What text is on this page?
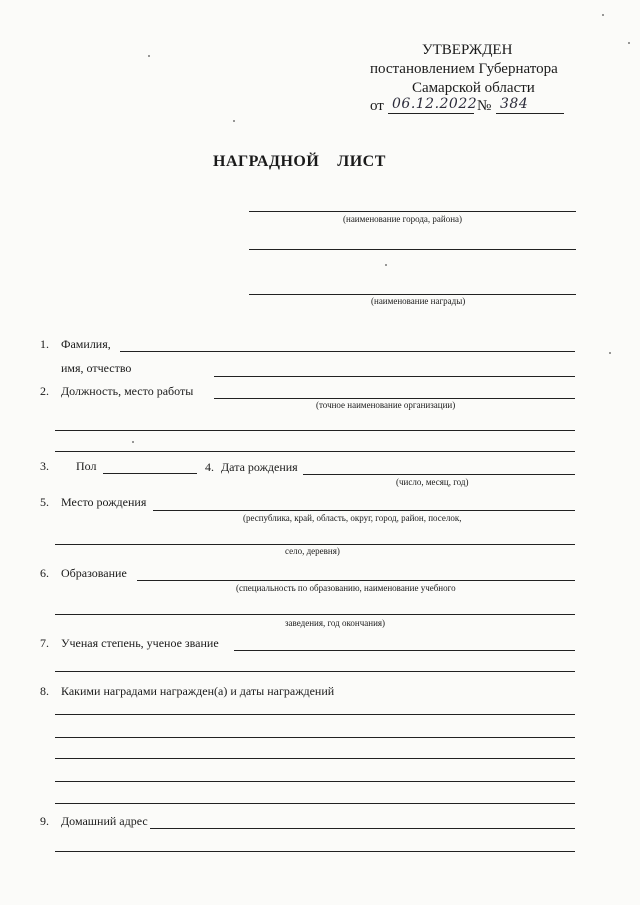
УТВЕРЖДЕН
постановлением Губернатора
Самарской области
от 06.12.2022 № 384
НАГРАДНОЙ    ЛИСТ
(наименование города, района)
(наименование награды)
1. Фамилия,
имя, отчество
2. Должность, место работы
(точное наименование организации)
3. Пол	4. Дата рождения
(число, месяц, год)
5. Место рождения
(республика, край, область, округ, город, район, поселок,
село, деревня)
6. Образование
(специальность по образованию, наименование учебного
заведения, год окончания)
7. Ученая степень, ученое звание
8. Какими наградами награжден(а) и даты награждений
9. Домашний адрес
